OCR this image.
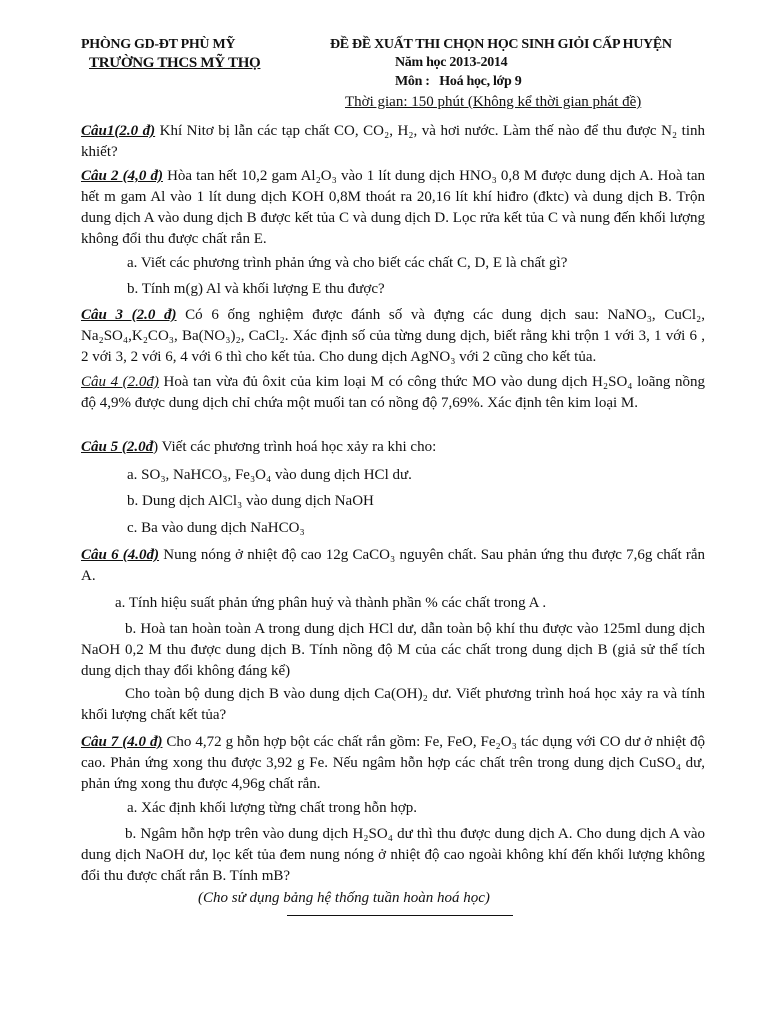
PHÒNG GD-ĐT PHÙ MỸ
TRƯỜNG THCS MỸ THỌ
ĐỀ ĐỀ XUẤT THI CHỌN HỌC SINH GIỎI CẤP HUYỆN
Năm học 2013-2014
Môn : Hoá học, lớp 9
Thời gian: 150 phút (Không kể thời gian phát đề)
Câu1(2.0 đ) Khí Nitơ bị lẫn các tạp chất CO, CO₂, H₂, và hơi nước. Làm thế nào để thu được N₂ tinh khiết?
Câu 2 (4,0 đ) Hòa tan hết 10,2 gam Al₂O₃ vào 1 lít dung dịch HNO₃ 0,8 M được dung dịch A. Hoà tan hết m gam Al vào 1 lít dung dịch KOH 0,8M thoát ra 20,16 lít khí hiđro (đktc) và dung dịch B. Trộn dung dịch A vào dung dịch B được kết tủa C và dung dịch D. Lọc rửa kết tủa C và nung đến khối lượng không đổi thu được chất rắn E.
a. Viết các phương trình phản ứng và cho biết các chất C, D, E là chất gì?
b. Tính m(g) Al và khối lượng E thu được?
Câu 3 (2.0 đ) Có 6 ống nghiệm được đánh số và đựng các dung dịch sau: NaNO₃, CuCl₂, Na₂SO₄,K₂CO₃, Ba(NO₃)₂, CaCl₂. Xác định số của từng dung dịch, biết rằng khi trộn 1 với 3, 1 với 6 , 2 với 3, 2 với 6, 4 với 6 thì cho kết tủa. Cho dung dịch AgNO₃ với 2 cũng cho kết tủa.
Câu 4 (2.0đ) Hoà tan vừa đủ ôxit của kim loại M có công thức MO vào dung dịch H₂SO₄ loãng nồng độ 4,9% được dung dịch chỉ chứa một muối tan có nồng độ 7,69%. Xác định tên kim loại M.
Câu 5 (2.0đ) Viết các phương trình hoá học xảy ra khi cho:
a. SO₃, NaHCO₃, Fe₃O₄ vào dung dịch HCl dư.
b. Dung dịch AlCl₃ vào dung dịch NaOH
c. Ba vào dung dịch NaHCO₃
Câu 6 (4.0đ) Nung nóng ở nhiệt độ cao 12g CaCO₃ nguyên chất. Sau phản ứng thu được 7,6g chất rắn A.
a. Tính hiệu suất phản ứng phân huỷ và thành phần % các chất trong A .
b. Hoà tan hoàn toàn A trong dung dịch HCl dư, dẫn toàn bộ khí thu được vào 125ml dung dịch NaOH 0,2 M thu được dung dịch B. Tính nồng độ M của các chất trong dung dịch B (giả sử thể tích dung dịch thay đổi không đáng kể)
Cho toàn bộ dung dịch B vào dung dịch Ca(OH)₂ dư. Viết phương trình hoá học xảy ra và tính khối lượng chất kết tủa?
Câu 7 (4.0 đ) Cho 4,72 g hỗn hợp bột các chất rắn gồm: Fe, FeO, Fe₂O₃ tác dụng với CO dư ở nhiệt độ cao. Phản ứng xong thu được 3,92 g Fe. Nếu ngâm hỗn hợp các chất trên trong dung dịch CuSO₄ dư, phản ứng xong thu được 4,96g chất rắn.
a. Xác định khối lượng từng chất trong hỗn hợp.
b. Ngâm hỗn hợp trên vào dung dịch H₂SO₄ dư thì thu được dung dịch A. Cho dung dịch A vào dung dịch NaOH dư, lọc kết tủa đem nung nóng ở nhiệt độ cao ngoài không khí đến khối lượng không đổi thu được chất rắn B. Tính mB?
(Cho sử dụng bảng hệ thống tuần hoàn hoá học)
